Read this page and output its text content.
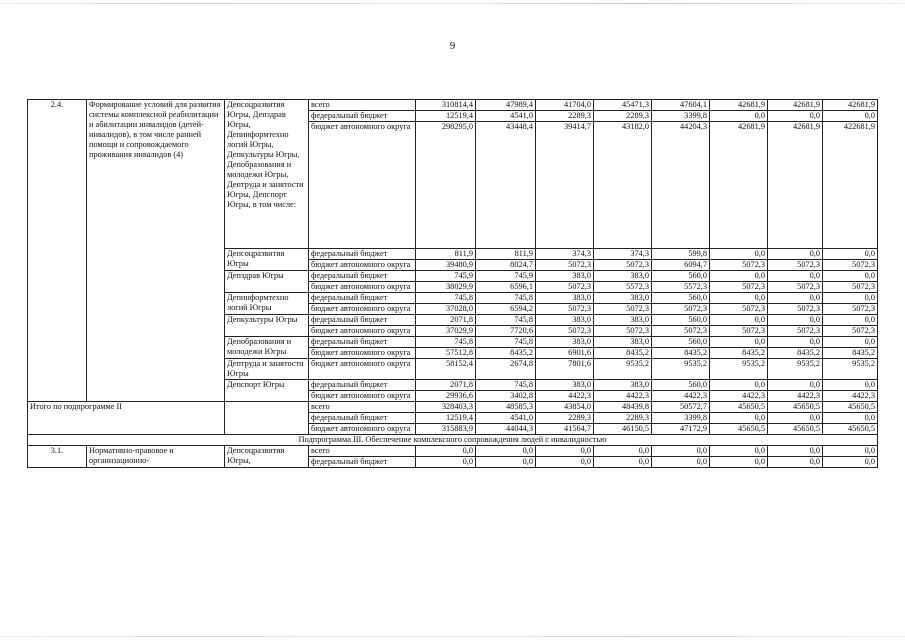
9
2.4.	Формирование условий для развития системы комплексной реабилитации и абилитации инвалидов (детей-инвалидов), в том числе ранней помощи и сопровождаемого проживания инвалидов (4)	Депсоцразвития Югры, Депздрав Югры, Депинформтехно логий Югры, Депкультуры Югры, Депобразования и молодежи Югры, Дептруда и занятости Югры, Депспорт Югры, в том числе:	всего	310814,4	47989,4	41704,0	45471,3	47604,1	42681,9	42681,9	42681,9
			федеральный бюджет	12519,4	4541,0	2289,3	2289,3	3399,8	0,0	0,0	0,0
			бюджет автономного округа	298295,0	43448,4	39414,7	43182,0	44204,3	42681,9	42681,9	422681,9
		Депсоцразвития Югры	федеральный бюджет	811,9	811,9	374,3	374,3	599,8	0,0	0,0	0,0
			бюджет автономного округа	39480,9	8024,7	5072,3	5072,3	6094,7	5072,3	5072,3	5072,3
		Депздрав Югры	федеральный бюджет	745,9	745,9	383,0	383,0	560,0	0,0	0,0	0,0
			бюджет автономного округа	38029,9	6596,1	5072,3	5572,3	5572,3	5072,3	5072,3	5072,3
		Депинформтехно логий Югры	федеральный бюджет	745,8	745,8	383,0	383,0	560,0	0,0	0,0	0,0
			бюджет автономного округа	37028,0	6594,2	5072,3	5072,3	5072,3	5072,3	5072,3	5072,3
		Депкультуры Югры	федеральный бюджет	2071,8	745,8	383,0	383,0	560,0	0,0	0,0	0,0
			бюджет автономного округа	37029,9	7720,6	5072,3	5072,3	5072,3	5072,3	5072,3	5072,3
		Депобразования и молодежи Югры	федеральный бюджет	745,8	745,8	383,0	383,0	560,0	0,0	0,0	0,0
			бюджет автономного округа	57512,8	8435,2	6901,6	8435,2	8435,2	8435,2	8435,2	8435,2
		Дептруда и занятости Югры	бюджет автономного округа	58152,4	2674,8	7801,6	9535,2	9535,2	9535,2	9535,2	9535,2
		Депспорт Югры	федеральный бюджет	2071,8	745,8	383,0	383,0	560,0	0,0	0,0	0,0
			бюджет автономного округа	29936,6	3402,8	4422,3	4422,3	4422,3	4422,3	4422,3	4422,3
Итого по подпрограмме II			всего	328403,3	48585,3	43854,0	48439,8	50572,7	45650,5	45650,5	45650,5
			федеральный бюджет	12519,4	4541,0	2289,3	2289,3	3399,8	0,0	0,0	0,0
			бюджет автономного округа	315883,9	44044,3	41564,7	46150,5	47172,9	45650,5	45650,5	45650,5
Подпрограмма III. Обеспечение комплексного сопровождения людей с инвалидностью											
3.1.	Нормативно-правовое и организационно-	Депсоцразвития Югры,	всего	0,0	0,0	0,0	0,0	0,0	0,0	0,0	0,0
			федеральный бюджет	0,0	0,0	0,0	0,0	0,0	0,0	0,0	0,0
